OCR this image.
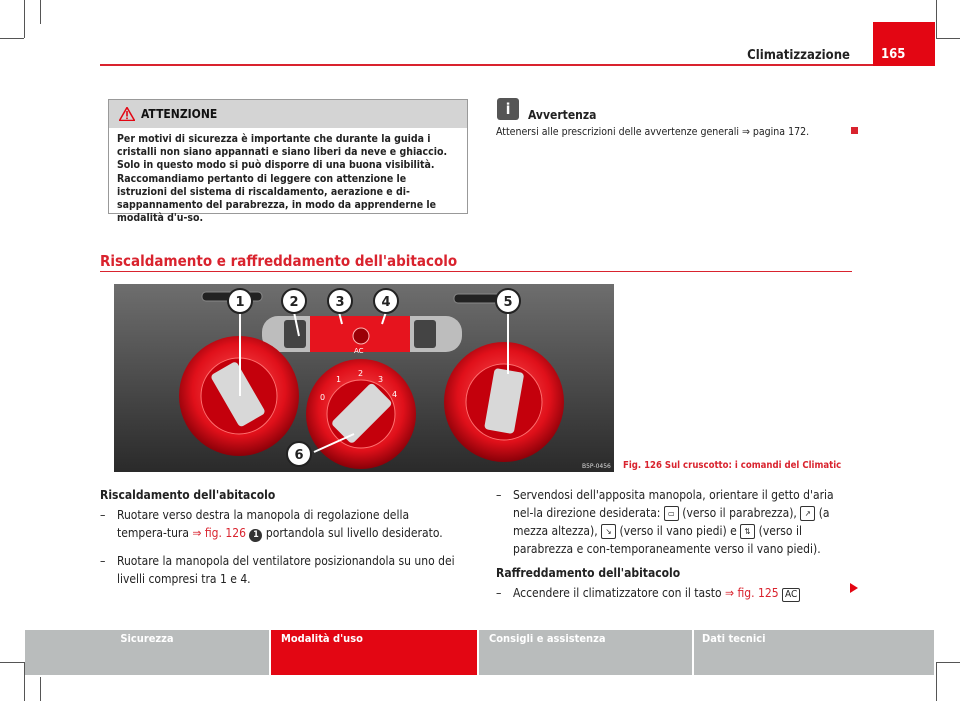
Climatizzazione	165
ATTENZIONE
Per motivi di sicurezza è importante che durante la guida i cristalli non siano appannati e siano liberi da neve e ghiaccio. Solo in questo modo si può disporre di una buona visibilità. Raccomandiamo pertanto di leggere con attenzione le istruzioni del sistema di riscaldamento, aerazione e di-sappannamento del parabrezza, in modo da apprenderne le modalità d'u-so.
i	Avvertenza
Attenersi alle prescrizioni delle avvertenze generali ⇒ pagina 172.
Riscaldamento e raffreddamento dell'abitacolo
AC
0
1
2
3
4
1	2	3	4	5
6
B5P-0456 Fig. 126 Sul cruscotto: i comandi del Climatic
Riscaldamento dell'abitacolo
– Ruotare verso destra la manopola di regolazione della tempera-tura ⇒ fig. 126 1 portandola sul livello desiderato.
– Ruotare la manopola del ventilatore posizionandola su uno dei livelli compresi tra 1 e 4.
– Servendosi dell'apposita manopola, orientare il getto d'aria nel-la direzione desiderata: ▭ (verso il parabrezza), ↗ (a mezza altezza), ↘ (verso il vano piedi) e ⇅ (verso il parabrezza e con-temporaneamente verso il vano piedi).
Raffreddamento dell'abitacolo
– Accendere il climatizzatore con il tasto ⇒ fig. 125 AC
Sicurezza	Modalità d'uso	Consigli e assistenza	Dati tecnici
